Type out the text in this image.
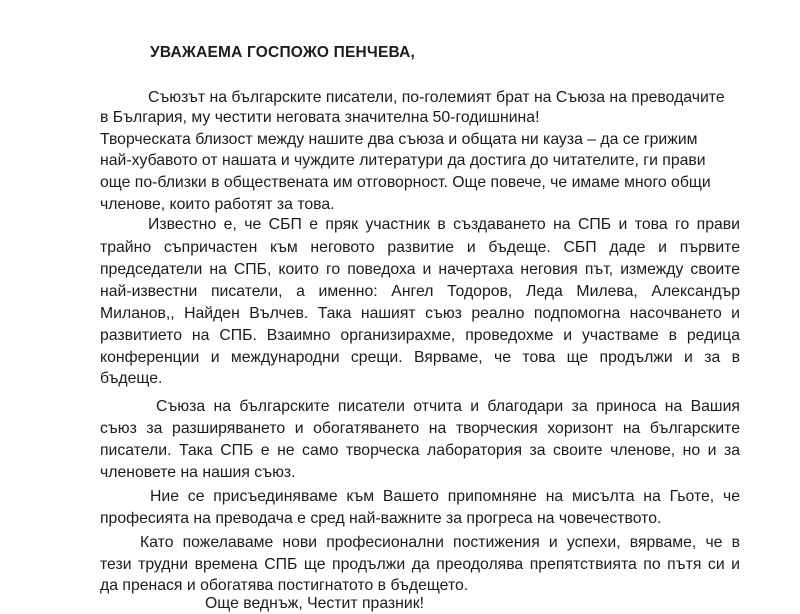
УВАЖАЕМА ГОСПОЖО ПЕНЧЕВА,
Съюзът на българските писатели, по-големият брат на Съюза на преводачите
в България, му честити неговата значителна 50-годишнина!
Творческата близост между нашите два съюза и общата ни кауза – да се грижим
най-хубавото от нашата и чуждите литератури да достига до читателите, ги прави
още по-близки в обществената им отговорност. Още повече, че имаме много общи
членове, които работят за това.
Известно е, че СБП е пряк участник в създаването на СПБ и това го прави
трайно съпричастен към неговото развитие и бъдеще. СБП даде и първите
председатели на СПБ, които го поведоха и начертаха неговия път, измежду своите
най-известни писатели, а именно: Ангел Тодоров, Леда Милева, Александър
Миланов,, Найден Вълчев. Така нашият съюз реално подпомогна насочването и
развитието на СПБ. Взаимно организирахме, проведохме и участваме в редица
конференции и международни срещи. Вярваме, че това ще продължи и за в
бъдеще.
Съюза на българските писатели отчита и благодари за приноса на Вашия
съюз за разширяването и обогатяването на творческия хоризонт на българските
писатели. Така СПБ е не само творческа лаборатория за своите членове, но и за
членовете на нашия съюз.
Ние се присъединяваме към Вашето припомняне на мисълта на Гьоте, че
професията на преводача е сред най-важните за прогреса на човечеството.
Като пожелаваме нови професионални постижения и успехи, вярваме, че в
тези трудни времена СПБ ще продължи да преодолява препятствията по пътя си и
да пренася и обогатява постигнатото в бъдещето.
Още веднъж, Честит празник!
